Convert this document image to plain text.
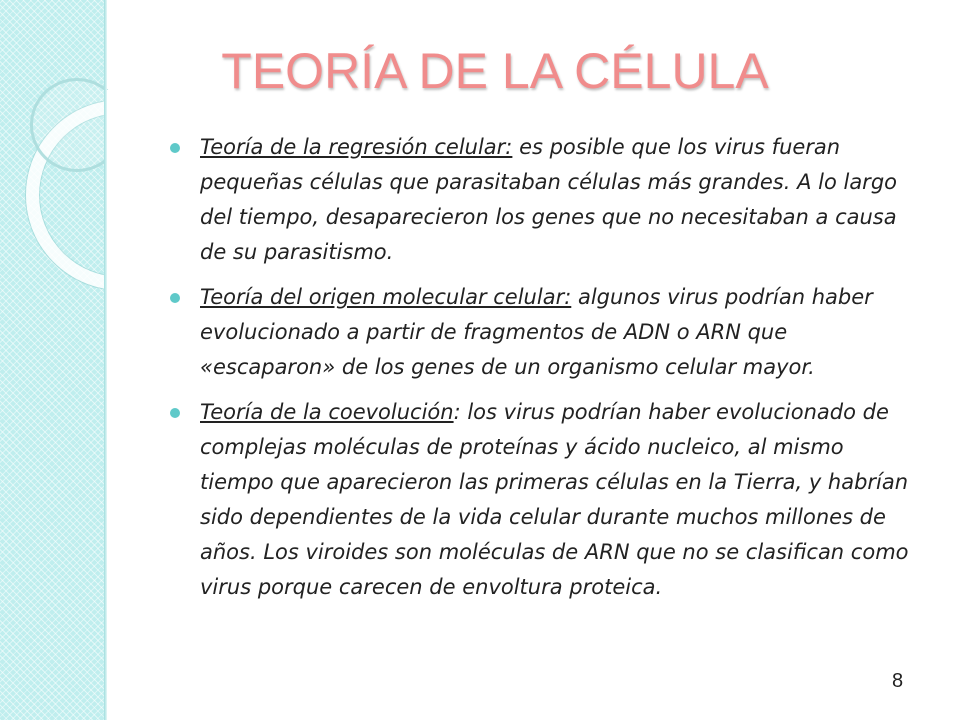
TEORÍA DE LA CÉLULA
Teoría de la regresión celular: es posible que los virus fueran pequeñas células que parasitaban células más grandes. A lo largo del tiempo, desaparecieron los genes que no necesitaban a causa de su parasitismo.
Teoría del origen molecular celular: algunos virus podrían haber evolucionado a partir de fragmentos de ADN o ARN que «escaparon» de los genes de un organismo celular mayor.
Teoría de la coevolución: los virus podrían haber evolucionado de complejas moléculas de proteínas y ácido nucleico, al mismo tiempo que aparecieron las primeras células en la Tierra, y habrían sido dependientes de la vida celular durante muchos millones de años. Los viroides son moléculas de ARN que no se clasifican como virus porque carecen de envoltura proteica.
8
